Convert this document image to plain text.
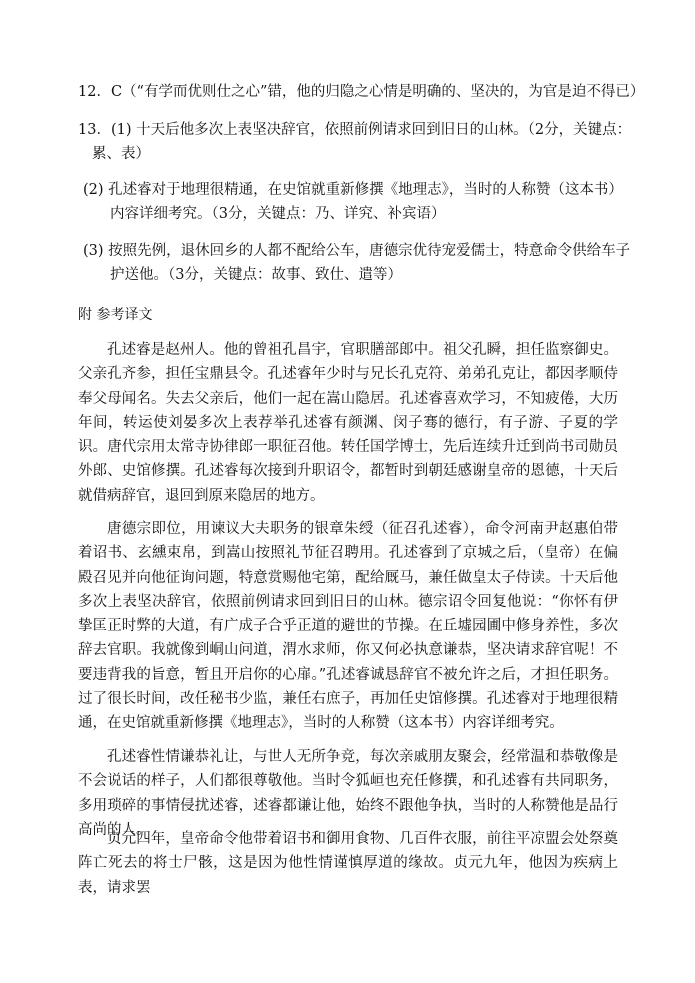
12．C（“有学而优则仕之心”错，他的归隐之心情是明确的、坚决的，为官是迫不得已）
13．(1) 十天后他多次上表坚决辞官，依照前例请求回到旧日的山林。（2分，关键点：
累、表）
(2) 孔述睿对于地理很精通，在史馆就重新修撰《地理志》，当时的人称赞（这本书）
内容详细考究。（3分，关键点：乃、详究、补宾语）
(3) 按照先例，退休回乡的人都不配给公车，唐德宗优待宠爱儒士，特意命令供给车子
护送他。（3分，关键点：故事、致仕、遣等）
附 参考译文

孔述睿是赵州人。他的曾祖孔昌宇，官职膳部郎中。祖父孔瞬，担任监察御史。父亲孔齐参，担任宝鼎县令。孔述睿年少时与兄长孔克符、弟弟孔克让，都因孝顺侍奉父母闻名。失去父亲后，他们一起在嵩山隐居。孔述睿喜欢学习，不知疲倦，大历年间，转运使刘晏多次上表荐举孔述睿有颜渊、闵子骞的德行，有子游、子夏的学识。唐代宗用太常寺协律郎一职征召他。转任国学博士，先后连续升迁到尚书司勋员外郎、史馆修撰。孔述睿每次接到升职诏令，都暂时到朝廷感谢皇帝的恩德，十天后就借病辞官，退回到原来隐居的地方。

唐德宗即位，用谏议大夫职务的银章朱绶（征召孔述睿），命令河南尹赵惠伯带着诏书、玄纁束帛，到嵩山按照礼节征召聘用。孔述睿到了京城之后，（皇帝）在偏殿召见并向他征询问题，特意赏赐他宅第，配给厩马，兼任做皇太子侍读。十天后他多次上表坚决辞官，依照前例请求回到旧日的山林。德宗诏令回复他说：“你怀有伊挚匡正时弊的大道，有广成子合乎正道的避世的节操。在丘墟园圃中修身养性，多次辞去官职。我就像到峒山问道，渭水求师，你又何必执意谦恭，坚决请求辞官呢！不要违背我的旨意，暂且开启你的心扉。”孔述睿诚恳辞官不被允许之后，才担任职务。过了很长时间，改任秘书少监，兼任右庶子，再加任史馆修撰。孔述睿对于地理很精通，在史馆就重新修撰《地理志》，当时的人称赞（这本书）内容详细考究。

孔述睿性情谦恭礼让，与世人无所争竞，每次亲戚朋友聚会，经常温和恭敬像是不会说话的样子，人们都很尊敬他。当时令狐峘也充任修撰，和孔述睿有共同职务，多用琐碎的事情侵扰述睿，述睿都谦让他，始终不跟他争执，当时的人称赞他是品行高尚的人。

贞元四年，皇帝命令他带着诏书和御用食物、几百件衣服，前往平凉盟会处祭奠阵亡死去的将士尸骸，这是因为他性情谨慎厚道的缘故。贞元九年，他因为疾病上表，请求罢
